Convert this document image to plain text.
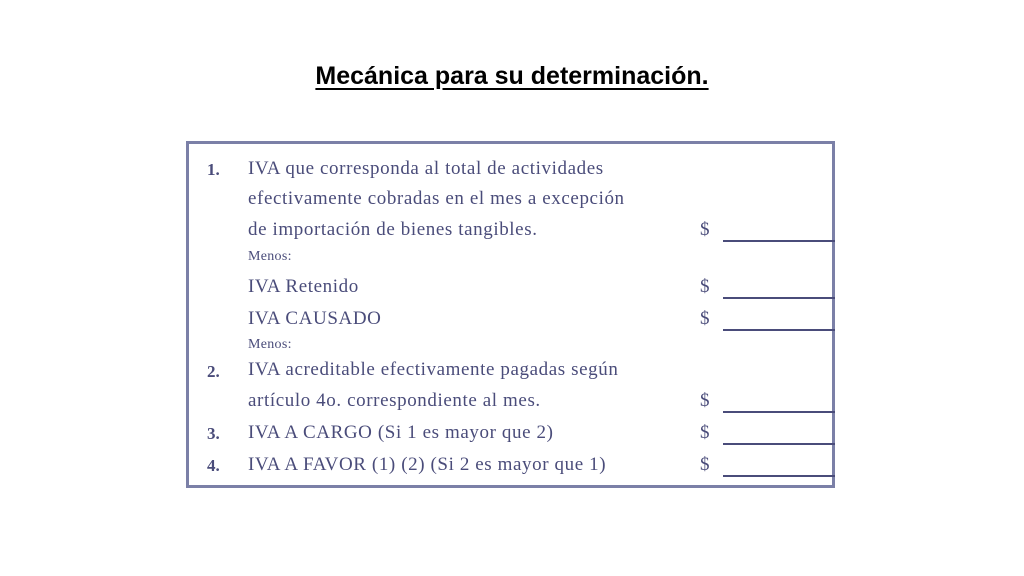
Mecánica para su determinación.
1. IVA que corresponda al total de actividades
efectivamente cobradas en el mes a excepción
de importación de bienes tangibles.	$
Menos:
IVA Retenido	$
IVA CAUSADO	$
Menos:
2. IVA acreditable efectivamente pagadas según
artículo 4o. correspondiente al mes.	$
3. IVA A CARGO (Si 1 es mayor que 2)	$
4. IVA A FAVOR (1) (2) (Si 2 es mayor que 1)	$
